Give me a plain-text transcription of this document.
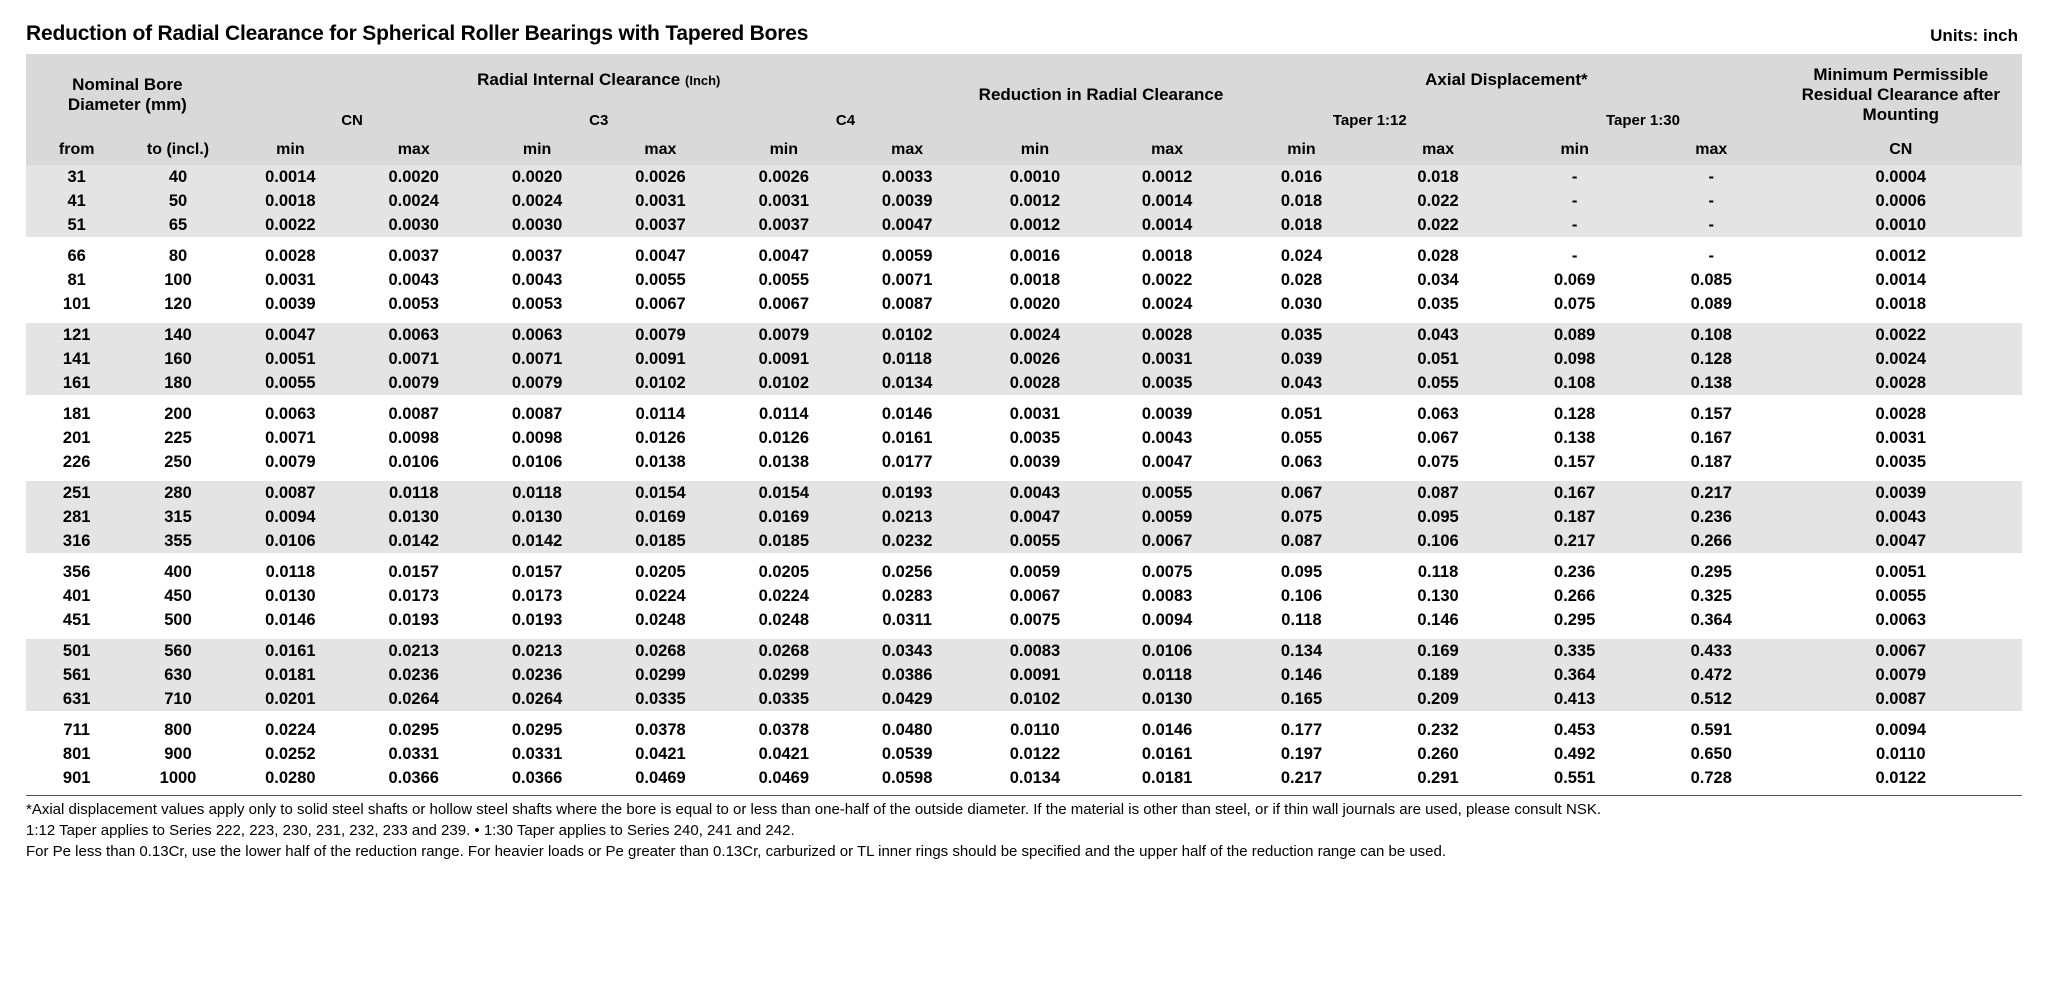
Reduction of Radial Clearance for Spherical Roller Bearings with Tapered Bores	Units: inch
Nominal Bore
Diameter (mm)		Radial Internal Clearance (Inch)						Reduction in Radial Clearance		Axial Displacement*				Minimum Permissible Residual Clearance after Mounting
		CN		C3		C4				Taper 1:12		Taper 1:30		
from	to (incl.)	min	max	min	max	min	max	min	max	min	max	min	max	CN
31	40	0.0014	0.0020	0.0020	0.0026	0.0026	0.0033	0.0010	0.0012	0.016	0.018	-	-	0.0004
41	50	0.0018	0.0024	0.0024	0.0031	0.0031	0.0039	0.0012	0.0014	0.018	0.022	-	-	0.0006
51	65	0.0022	0.0030	0.0030	0.0037	0.0037	0.0047	0.0012	0.0014	0.018	0.022	-	-	0.0010

66	80	0.0028	0.0037	0.0037	0.0047	0.0047	0.0059	0.0016	0.0018	0.024	0.028	-	-	0.0012
81	100	0.0031	0.0043	0.0043	0.0055	0.0055	0.0071	0.0018	0.0022	0.028	0.034	0.069	0.085	0.0014
101	120	0.0039	0.0053	0.0053	0.0067	0.0067	0.0087	0.0020	0.0024	0.030	0.035	0.075	0.089	0.0018

121	140	0.0047	0.0063	0.0063	0.0079	0.0079	0.0102	0.0024	0.0028	0.035	0.043	0.089	0.108	0.0022
141	160	0.0051	0.0071	0.0071	0.0091	0.0091	0.0118	0.0026	0.0031	0.039	0.051	0.098	0.128	0.0024
161	180	0.0055	0.0079	0.0079	0.0102	0.0102	0.0134	0.0028	0.0035	0.043	0.055	0.108	0.138	0.0028

181	200	0.0063	0.0087	0.0087	0.0114	0.0114	0.0146	0.0031	0.0039	0.051	0.063	0.128	0.157	0.0028
201	225	0.0071	0.0098	0.0098	0.0126	0.0126	0.0161	0.0035	0.0043	0.055	0.067	0.138	0.167	0.0031
226	250	0.0079	0.0106	0.0106	0.0138	0.0138	0.0177	0.0039	0.0047	0.063	0.075	0.157	0.187	0.0035

251	280	0.0087	0.0118	0.0118	0.0154	0.0154	0.0193	0.0043	0.0055	0.067	0.087	0.167	0.217	0.0039
281	315	0.0094	0.0130	0.0130	0.0169	0.0169	0.0213	0.0047	0.0059	0.075	0.095	0.187	0.236	0.0043
316	355	0.0106	0.0142	0.0142	0.0185	0.0185	0.0232	0.0055	0.0067	0.087	0.106	0.217	0.266	0.0047

356	400	0.0118	0.0157	0.0157	0.0205	0.0205	0.0256	0.0059	0.0075	0.095	0.118	0.236	0.295	0.0051
401	450	0.0130	0.0173	0.0173	0.0224	0.0224	0.0283	0.0067	0.0083	0.106	0.130	0.266	0.325	0.0055
451	500	0.0146	0.0193	0.0193	0.0248	0.0248	0.0311	0.0075	0.0094	0.118	0.146	0.295	0.364	0.0063

501	560	0.0161	0.0213	0.0213	0.0268	0.0268	0.0343	0.0083	0.0106	0.134	0.169	0.335	0.433	0.0067
561	630	0.0181	0.0236	0.0236	0.0299	0.0299	0.0386	0.0091	0.0118	0.146	0.189	0.364	0.472	0.0079
631	710	0.0201	0.0264	0.0264	0.0335	0.0335	0.0429	0.0102	0.0130	0.165	0.209	0.413	0.512	0.0087

711	800	0.0224	0.0295	0.0295	0.0378	0.0378	0.0480	0.0110	0.0146	0.177	0.232	0.453	0.591	0.0094
801	900	0.0252	0.0331	0.0331	0.0421	0.0421	0.0539	0.0122	0.0161	0.197	0.260	0.492	0.650	0.0110
901	1000	0.0280	0.0366	0.0366	0.0469	0.0469	0.0598	0.0134	0.0181	0.217	0.291	0.551	0.728	0.0122
*Axial displacement values apply only to solid steel shafts or hollow steel shafts where the bore is equal to or less than one-half of the outside diameter. If the material is other than steel, or if thin wall journals are used, please consult NSK.
1:12 Taper applies to Series 222, 223, 230, 231, 232, 233 and 239. • 1:30 Taper applies to Series 240, 241 and 242.
For Pe less than 0.13Cr, use the lower half of the reduction range. For heavier loads or Pe greater than 0.13Cr, carburized or TL inner rings should be specified and the upper half of the reduction range can be used.
